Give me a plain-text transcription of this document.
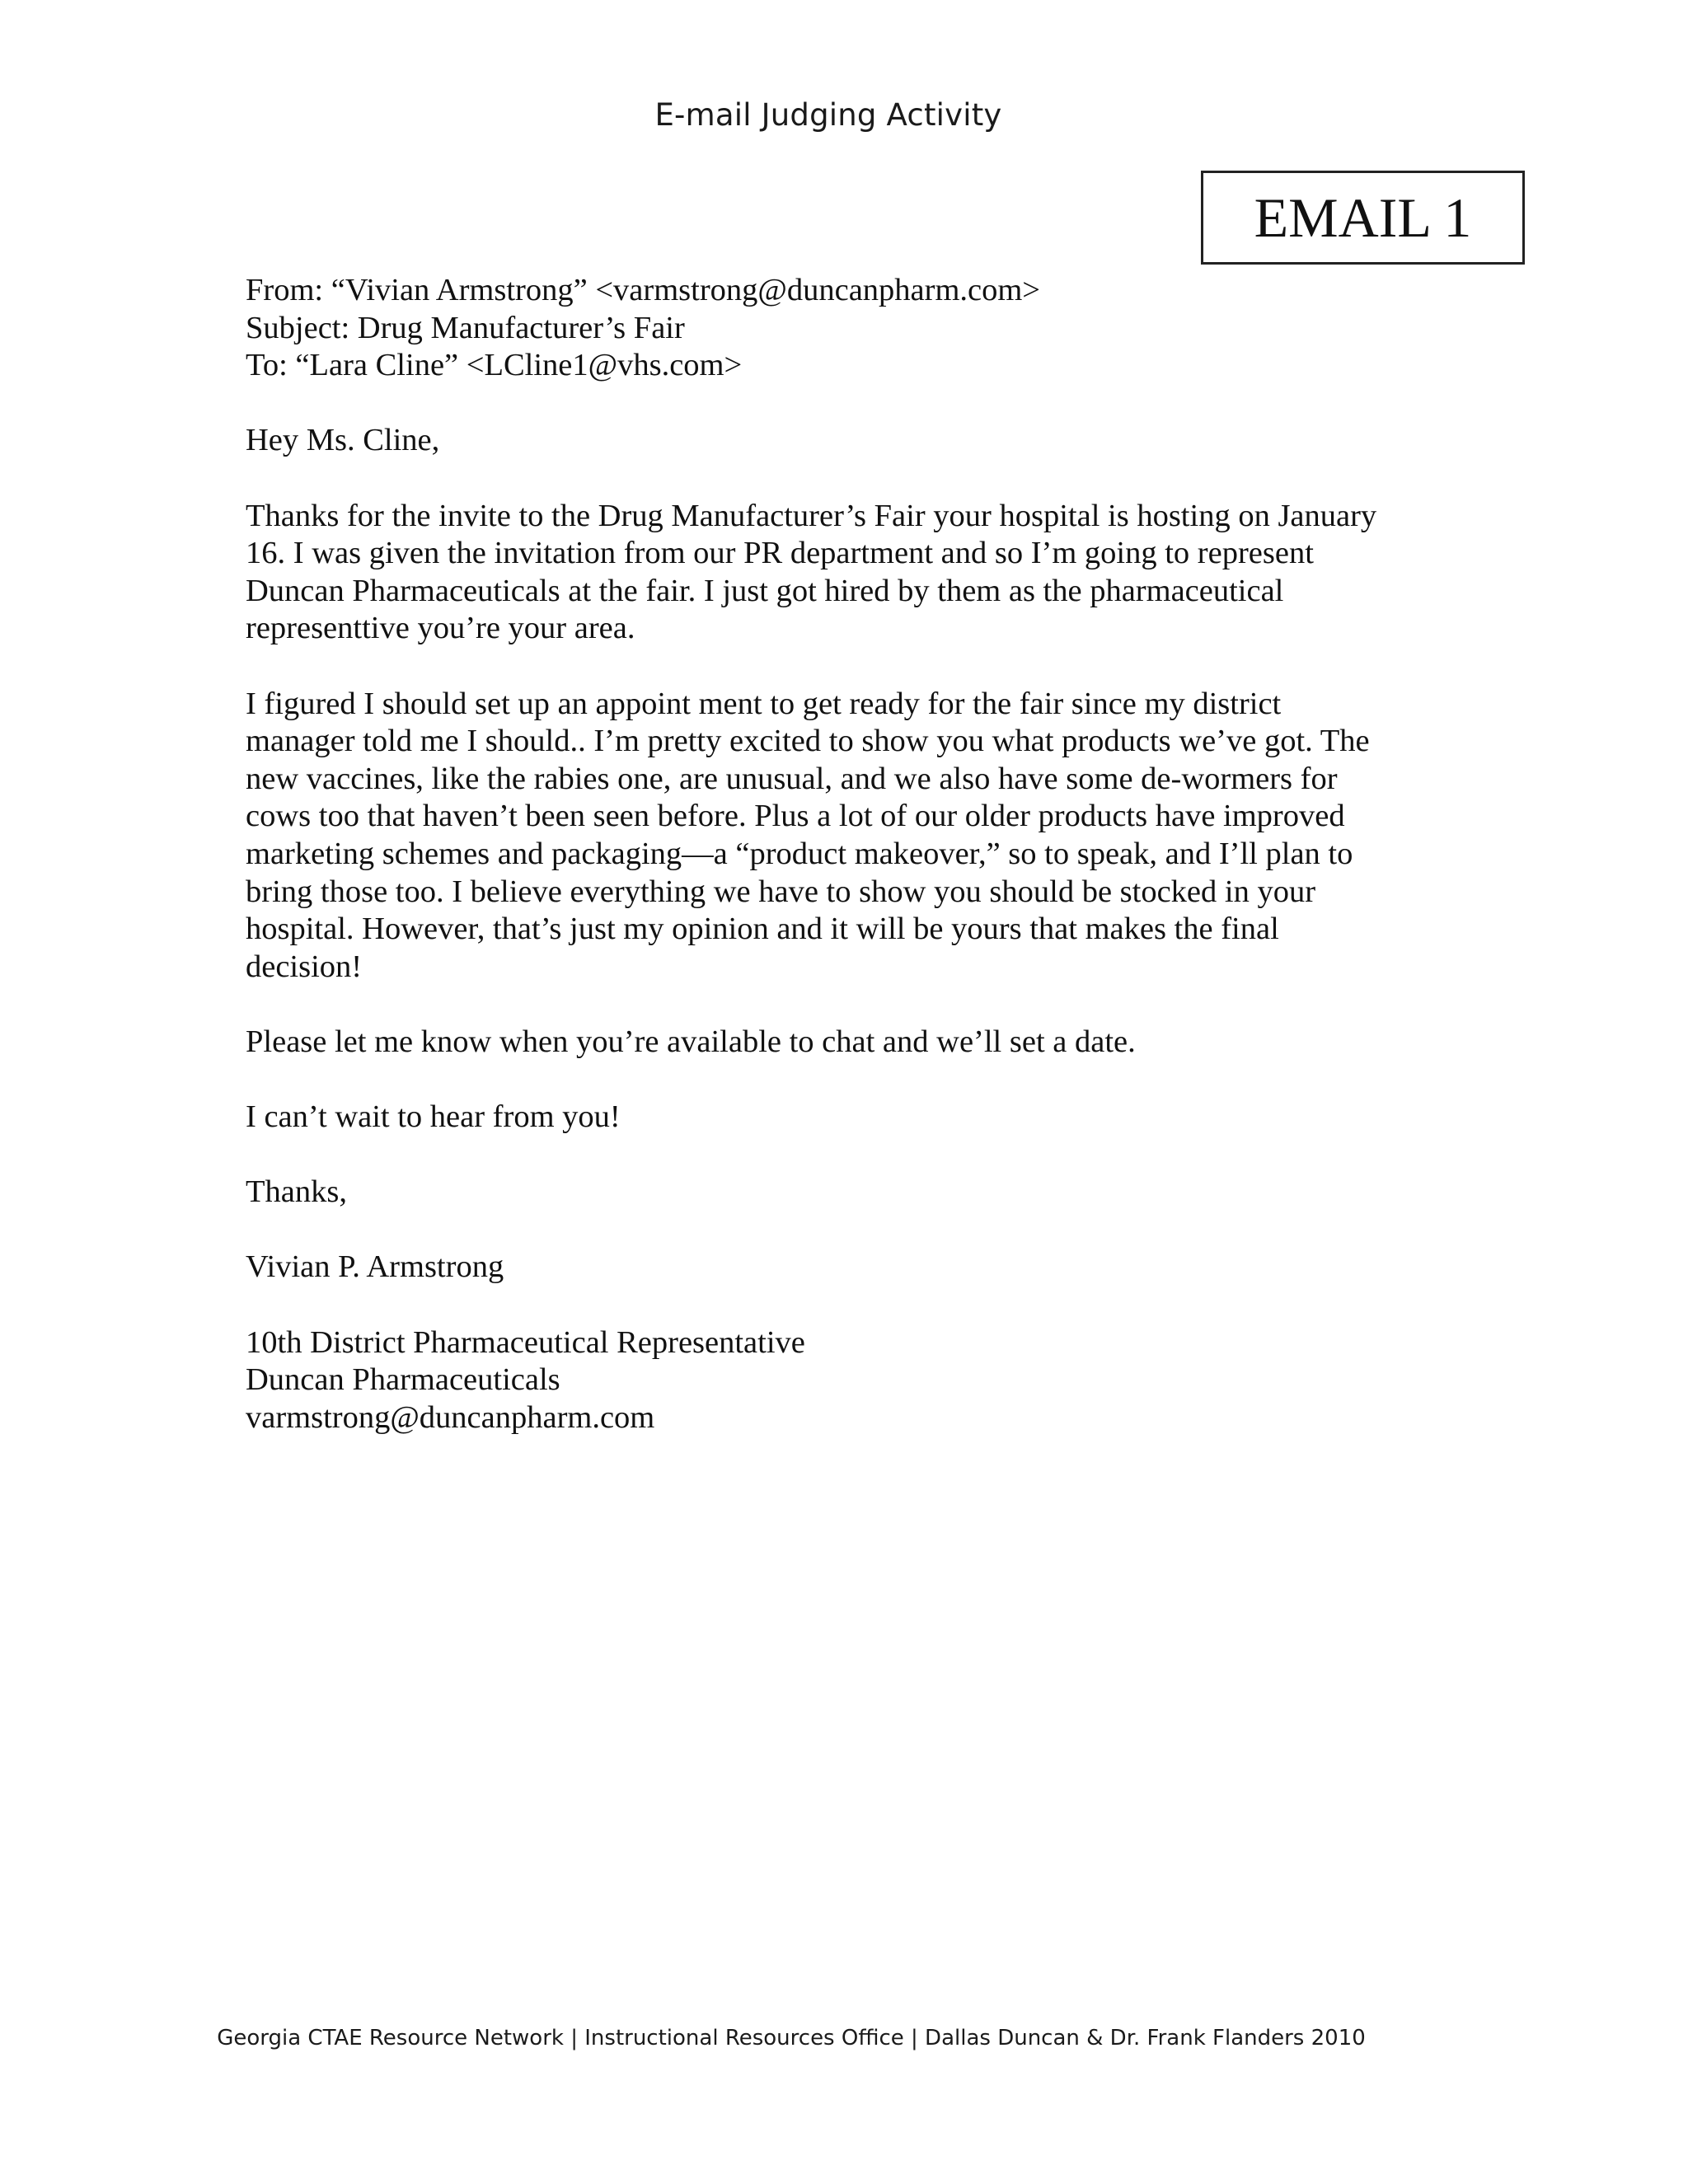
E-mail Judging Activity
EMAIL 1
From: “Vivian Armstrong” <varmstrong@duncanpharm.com>
Subject: Drug Manufacturer’s Fair
To: “Lara Cline” <LCline1@vhs.com>
Hey Ms. Cline,
Thanks for the invite to the Drug Manufacturer’s Fair your hospital is hosting on January
16. I was given the invitation from our PR department and so I’m going to represent
Duncan Pharmaceuticals at the fair. I just got hired by them as the pharmaceutical
representtive you’re your area.
I figured I should set up an appoint ment to get ready for the fair since my district
manager told me I should.. I’m pretty excited to show you what products we’ve got. The
new vaccines, like the rabies one, are unusual, and we also have some de-wormers for
cows too that haven’t been seen before. Plus a lot of our older products have improved
marketing schemes and packaging—a “product makeover,” so to speak, and I’ll plan to
bring those too. I believe everything we have to show you should be stocked in your
hospital. However, that’s just my opinion and it will be yours that makes the final
decision!
Please let me know when you’re available to chat and we’ll set a date.
I can’t wait to hear from you!
Thanks,
Vivian P. Armstrong
10th District Pharmaceutical Representative
Duncan Pharmaceuticals
varmstrong@duncanpharm.com
Georgia CTAE Resource Network | Instructional Resources Office | Dallas Duncan & Dr. Frank Flanders 2010
